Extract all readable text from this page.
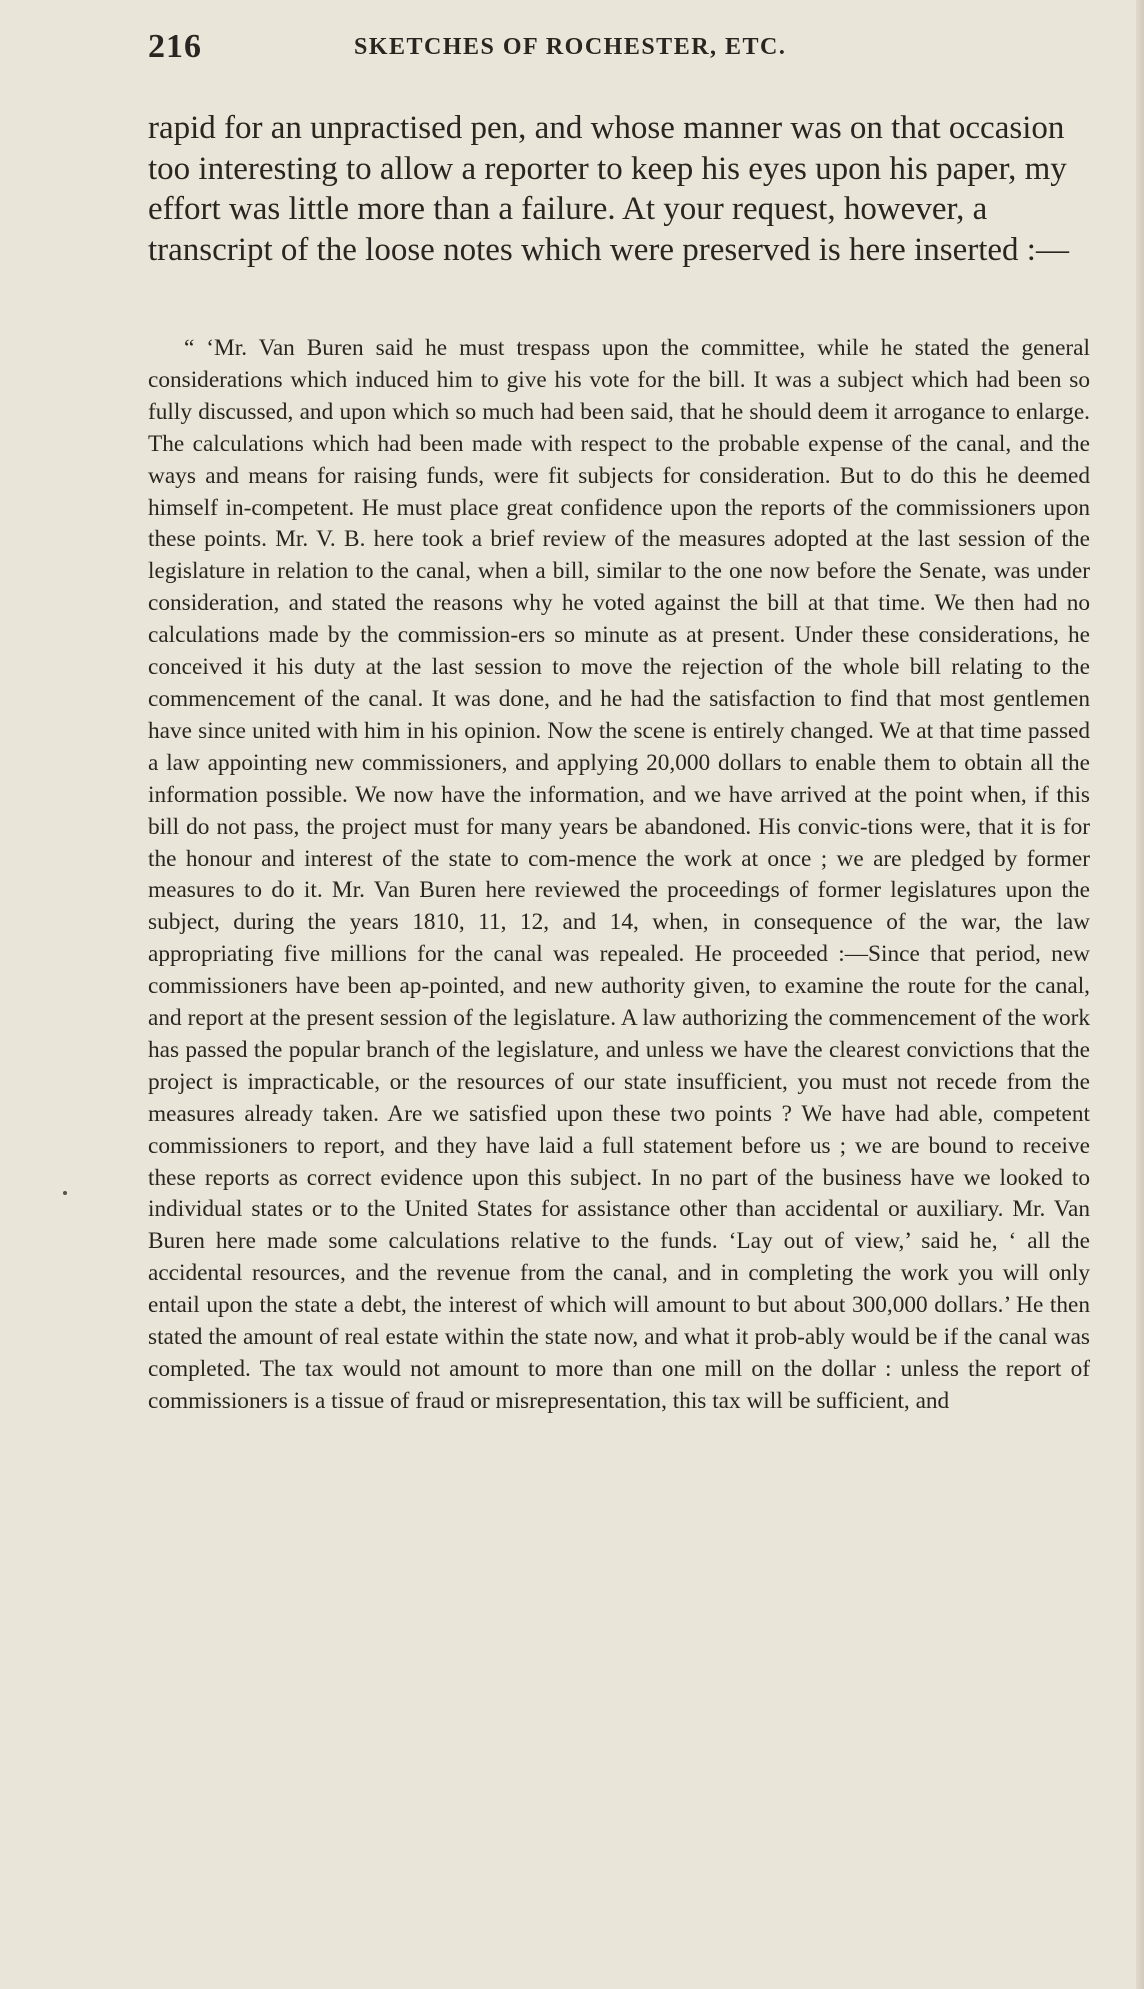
216	SKETCHES OF ROCHESTER, ETC.

rapid for an unpractised pen, and whose manner was on that occasion too interesting to allow a reporter to keep his eyes upon his paper, my effort was little more than a failure. At your request, however, a transcript of the loose notes which were preserved is here inserted :—

“ ‘Mr. Van Buren said he must trespass upon the committee, while he stated the general considerations which induced him to give his vote for the bill. It was a subject which had been so fully discussed, and upon which so much had been said, that he should deem it arrogance to enlarge. The calculations which had been made with respect to the probable expense of the canal, and the ways and means for raising funds, were fit subjects for consideration. But to do this he deemed himself in-competent. He must place great confidence upon the reports of the commissioners upon these points. Mr. V. B. here took a brief review of the measures adopted at the last session of the legislature in relation to the canal, when a bill, similar to the one now before the Senate, was under consideration, and stated the reasons why he voted against the bill at that time. We then had no calculations made by the commission-ers so minute as at present. Under these considerations, he conceived it his duty at the last session to move the rejection of the whole bill relating to the commencement of the canal. It was done, and he had the satisfaction to find that most gentlemen have since united with him in his opinion. Now the scene is entirely changed. We at that time passed a law appointing new commissioners, and applying 20,000 dollars to enable them to obtain all the information possible. We now have the information, and we have arrived at the point when, if this bill do not pass, the project must for many years be abandoned. His convic-tions were, that it is for the honour and interest of the state to com-mence the work at once ; we are pledged by former measures to do it. Mr. Van Buren here reviewed the proceedings of former legislatures upon the subject, during the years 1810, 11, 12, and 14, when, in consequence of the war, the law appropriating five millions for the canal was repealed. He proceeded :—Since that period, new commissioners have been ap-pointed, and new authority given, to examine the route for the canal, and report at the present session of the legislature. A law authorizing the commencement of the work has passed the popular branch of the legislature, and unless we have the clearest convictions that the project is impracticable, or the resources of our state insufficient, you must not recede from the measures already taken. Are we satisfied upon these two points ? We have had able, competent commissioners to report, and they have laid a full statement before us ; we are bound to receive these reports as correct evidence upon this subject. In no part of the business have we looked to individual states or to the United States for assistance other than accidental or auxiliary. Mr. Van Buren here made some calculations relative to the funds. ‘Lay out of view,’ said he, ‘ all the accidental resources, and the revenue from the canal, and in completing the work you will only entail upon the state a debt, the interest of which will amount to but about 300,000 dollars.’ He then stated the amount of real estate within the state now, and what it prob-ably would be if the canal was completed. The tax would not amount to more than one mill on the dollar : unless the report of commissioners is a tissue of fraud or misrepresentation, this tax will be sufficient, and
